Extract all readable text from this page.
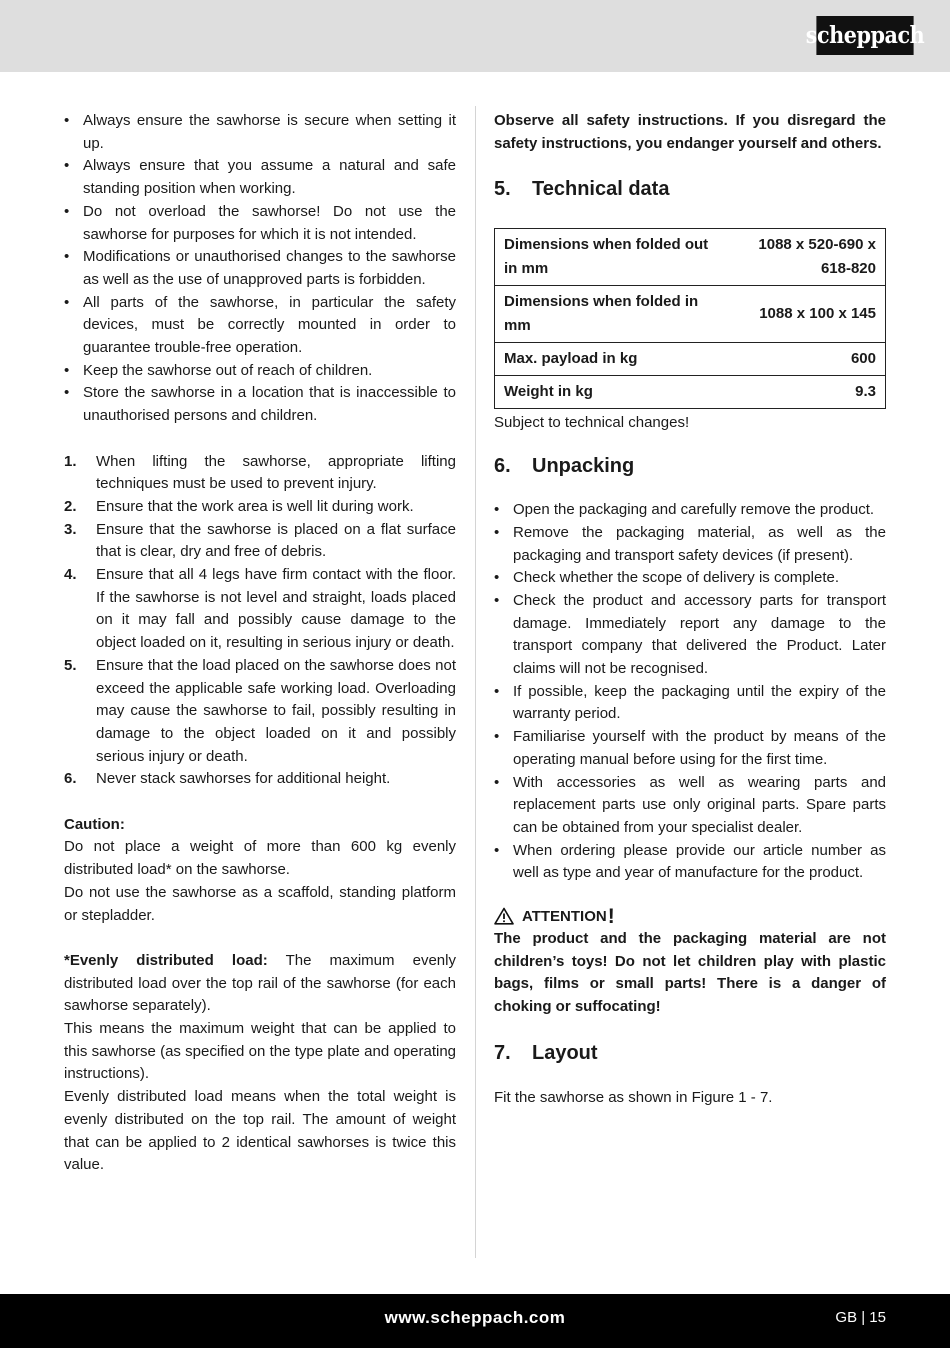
scheppach
• Always ensure the sawhorse is secure when setting it up.
• Always ensure that you assume a natural and safe standing position when working.
• Do not overload the sawhorse! Do not use the sawhorse for purposes for which it is not intended.
• Modifications or unauthorised changes to the sawhorse as well as the use of unapproved parts is forbidden.
• All parts of the sawhorse, in particular the safety devices, must be correctly mounted in order to guarantee trouble-free operation.
• Keep the sawhorse out of reach of children.
• Store the sawhorse in a location that is inaccessible to unauthorised persons and children.
1. When lifting the sawhorse, appropriate lifting techniques must be used to prevent injury.
2. Ensure that the work area is well lit during work.
3. Ensure that the sawhorse is placed on a flat surface that is clear, dry and free of debris.
4. Ensure that all 4 legs have firm contact with the floor. If the sawhorse is not level and straight, loads placed on it may fall and possibly cause damage to the object loaded on it, resulting in serious injury or death.
5. Ensure that the load placed on the sawhorse does not exceed the applicable safe working load. Overloading may cause the sawhorse to fail, possibly resulting in damage to the object loaded on it and possibly serious injury or death.
6. Never stack sawhorses for additional height.

Caution:

Do not place a weight of more than 600 kg evenly distributed load* on the sawhorse.

Do not use the sawhorse as a scaffold, standing platform or stepladder.

*Evenly distributed load: The maximum evenly distributed load over the top rail of the sawhorse (for each sawhorse separately).

This means the maximum weight that can be applied to this sawhorse (as specified on the type plate and operating instructions).

Evenly distributed load means when the total weight is evenly distributed on the top rail. The amount of weight that can be applied to 2 identical sawhorses is twice this value.

Observe all safety instructions. If you disregard the safety instructions, you endanger yourself and others.

5.	Technical data
Dimensions when folded out in mm	1088 x 520-690 x 618-820
Dimensions when folded in mm	1088 x 100 x 145
Max. payload in kg	600
Weight in kg	9.3

Subject to technical changes!

6.	Unpacking
• Open the packaging and carefully remove the product.
• Remove the packaging material, as well as the packaging and transport safety devices (if present).
• Check whether the scope of delivery is complete.
• Check the product and accessory parts for transport damage. Immediately report any damage to the transport company that delivered the Product. Later claims will not be recognised.
• If possible, keep the packaging until the expiry of the warranty period.
• Familiarise yourself with the product by means of the operating manual before using for the first time.
• With accessories as well as wearing parts and replacement parts use only original parts. Spare parts can be obtained from your specialist dealer.
• When ordering please provide our article number as well as type and year of manufacture for the product.
ATTENTION !

The product and the packaging material are not children’s toys! Do not let children play with plastic bags, films or small parts! There is a danger of choking or suffocating!

7.	Layout

Fit the sawhorse as shown in Figure 1 - 7.

www.scheppach.com	GB | 15
